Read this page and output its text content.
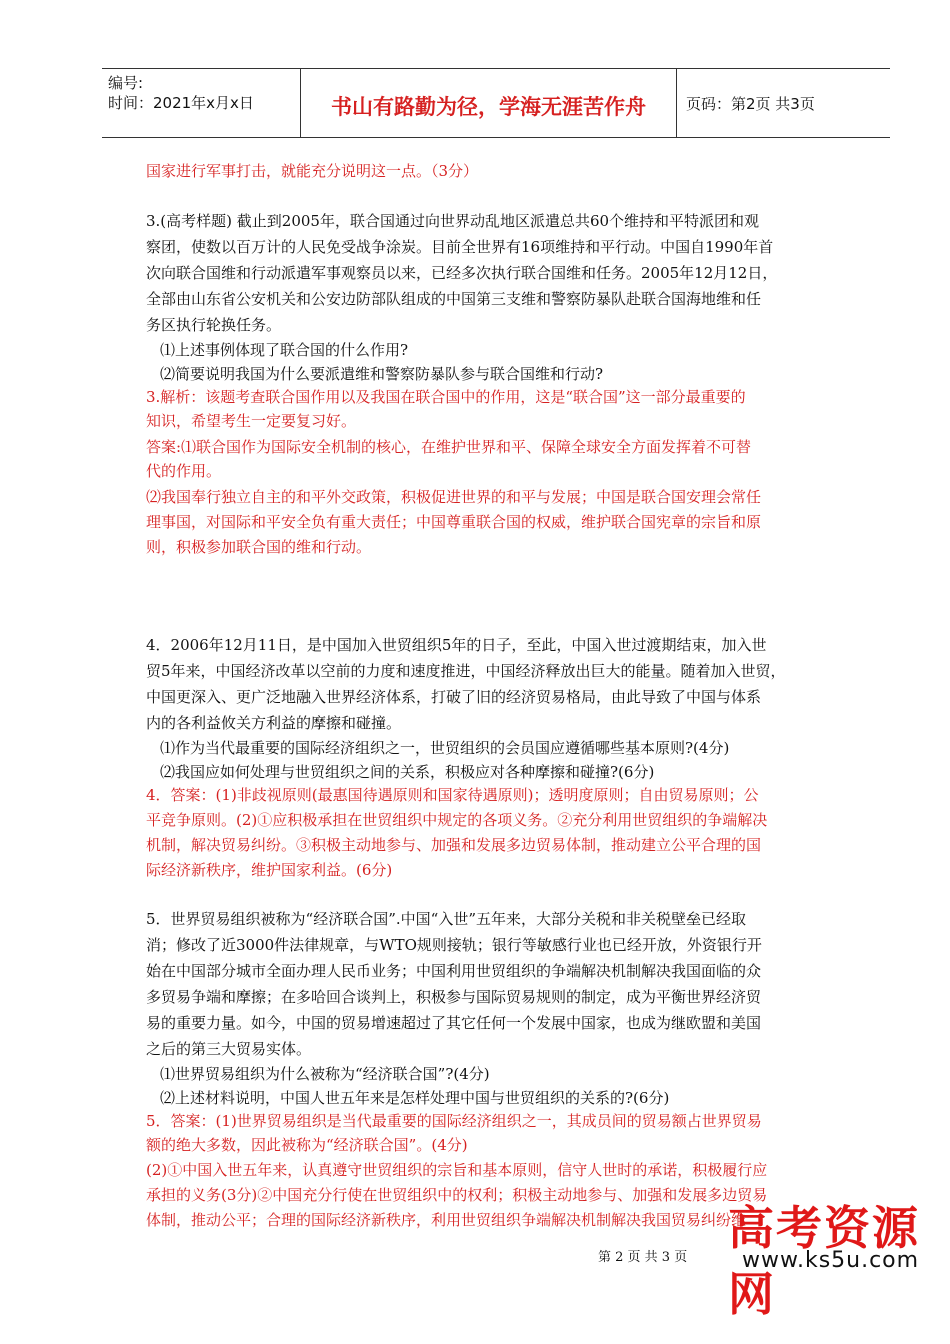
编号:
时间：2021年x月x日	书山有路勤为径，学海无涯苦作舟	页码：第2页 共3页
国家进行军事打击，就能充分说明这一点。（3分）
3.(高考样题) 截止到2005年，联合国通过向世界动乱地区派遣总共60个维持和平特派团和观
察团，使数以百万计的人民免受战争涂炭。目前全世界有16项维持和平行动。中国自1990年首
次向联合国维和行动派遣军事观察员以来，已经多次执行联合国维和任务。2005年12月12日，
全部由山东省公安机关和公安边防部队组成的中国第三支维和警察防暴队赴联合国海地维和任
务区执行轮换任务。
⑴上述事例体现了联合国的什么作用?
⑵简要说明我国为什么要派遣维和警察防暴队参与联合国维和行动?
3.解析：该题考查联合国作用以及我国在联合国中的作用，这是“联合国”这一部分最重要的
知识，希望考生一定要复习好。
答案:⑴联合国作为国际安全机制的核心，在维护世界和平、保障全球安全方面发挥着不可替
代的作用。
⑵我国奉行独立自主的和平外交政策，积极促进世界的和平与发展；中国是联合国安理会常任
理事国，对国际和平安全负有重大责任；中国尊重联合国的权威，维护联合国宪章的宗旨和原
则，积极参加联合国的维和行动。
4．2006年12月11日，是中国加入世贸组织5年的日子，至此，中国入世过渡期结束，加入世
贸5年来，中国经济改革以空前的力度和速度推进，中国经济释放出巨大的能量。随着加入世贸，
中国更深入、更广泛地融入世界经济体系，打破了旧的经济贸易格局，由此导致了中国与体系
内的各利益攸关方利益的摩擦和碰撞。
⑴作为当代最重要的国际经济组织之一，世贸组织的会员国应遵循哪些基本原则?(4分)
⑵我国应如何处理与世贸组织之间的关系，积极应对各种摩擦和碰撞?(6分)
4．答案：(1)非歧视原则(最惠国待遇原则和国家待遇原则)；透明度原则；自由贸易原则；公
平竞争原则。(2)①应积极承担在世贸组织中规定的各项义务。②充分利用世贸组织的争端解决
机制，解决贸易纠纷。③积极主动地参与、加强和发展多边贸易体制，推动建立公平合理的国
际经济新秩序，维护国家利益。(6分)
5．世界贸易组织被称为“经济联合国”.中国“入世”五年来，大部分关税和非关税壁垒已经取
消；修改了近3000件法律规章，与WTO规则接轨；银行等敏感行业也已经开放，外资银行开
始在中国部分城市全面办理人民币业务；中国利用世贸组织的争端解决机制解决我国面临的众
多贸易争端和摩擦；在多哈回合谈判上，积极参与国际贸易规则的制定，成为平衡世界经济贸
易的重要力量。如今，中国的贸易增速超过了其它任何一个发展中国家，也成为继欧盟和美国
之后的第三大贸易实体。
⑴世界贸易组织为什么被称为“经济联合国”?(4分)
⑵上述材料说明，中国人世五年来是怎样处理中国与世贸组织的关系的?(6分)
5．答案：(1)世界贸易组织是当代最重要的国际经济组织之一，其成员间的贸易额占世界贸易
额的绝大多数，因此被称为“经济联合国”。(4分)
(2)①中国入世五年来，认真遵守世贸组织的宗旨和基本原则，信守人世时的承诺，积极履行应
承担的义务(3分)②中国充分行使在世贸组织中的权利；积极主动地参与、加强和发展多边贸易
体制，推动公平；合理的国际经济新秩序，利用世贸组织争端解决机制解决我国贸易纠纷维
第 2 页 共 3 页
高考资源网
www.ks5u.com
